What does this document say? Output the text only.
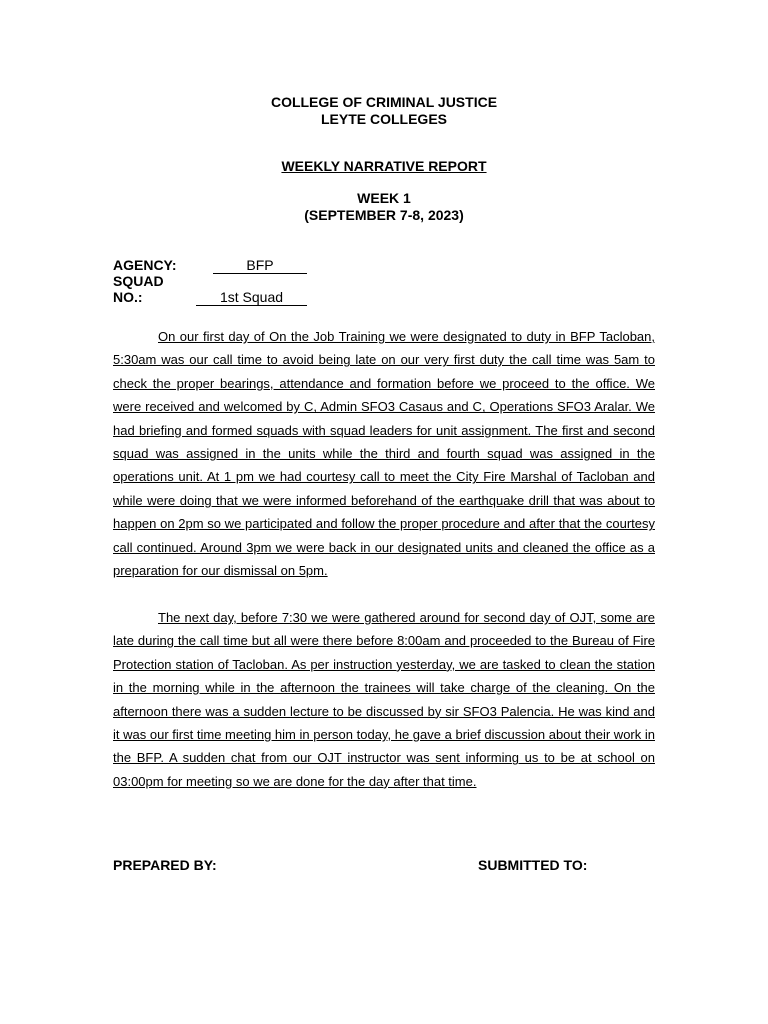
COLLEGE OF CRIMINAL JUSTICE
LEYTE COLLEGES
WEEKLY NARRATIVE REPORT
WEEK 1
(SEPTEMBER 7-8, 2023)
AGENCY:	BFP
SQUAD NO.:	1st Squad

On our first day of On the Job Training we were designated to duty in BFP Tacloban, 5:30am was our call time to avoid being late on our very first duty the call time was 5am to check the proper bearings, attendance and formation before we proceed to the office. We were received and welcomed by C, Admin SFO3 Casaus and C, Operations SFO3 Aralar. We had briefing and formed squads with squad leaders for unit assignment. The first and second squad was assigned in the units while the third and fourth squad was assigned in the operations unit. At 1 pm we had courtesy call to meet the City Fire Marshal of Tacloban and while were doing that we were informed beforehand of the earthquake drill that was about to happen on 2pm so we participated and follow the proper procedure and after that the courtesy call continued. Around 3pm we were back in our designated units and cleaned the office as a preparation for our dismissal on 5pm.

The next day, before 7:30 we were gathered around for second day of OJT, some are late during the call time but all were there before 8:00am and proceeded to the Bureau of Fire Protection station of Tacloban. As per instruction yesterday, we are tasked to clean the station in the morning while in the afternoon the trainees will take charge of the cleaning. On the afternoon there was a sudden lecture to be discussed by sir SFO3 Palencia. He was kind and it was our first time meeting him in person today, he gave a brief discussion about their work in the BFP. A sudden chat from our OJT instructor was sent informing us to be at school on 03:00pm for meeting so we are done for the day after that time.

PREPARED BY:	SUBMITTED TO:
